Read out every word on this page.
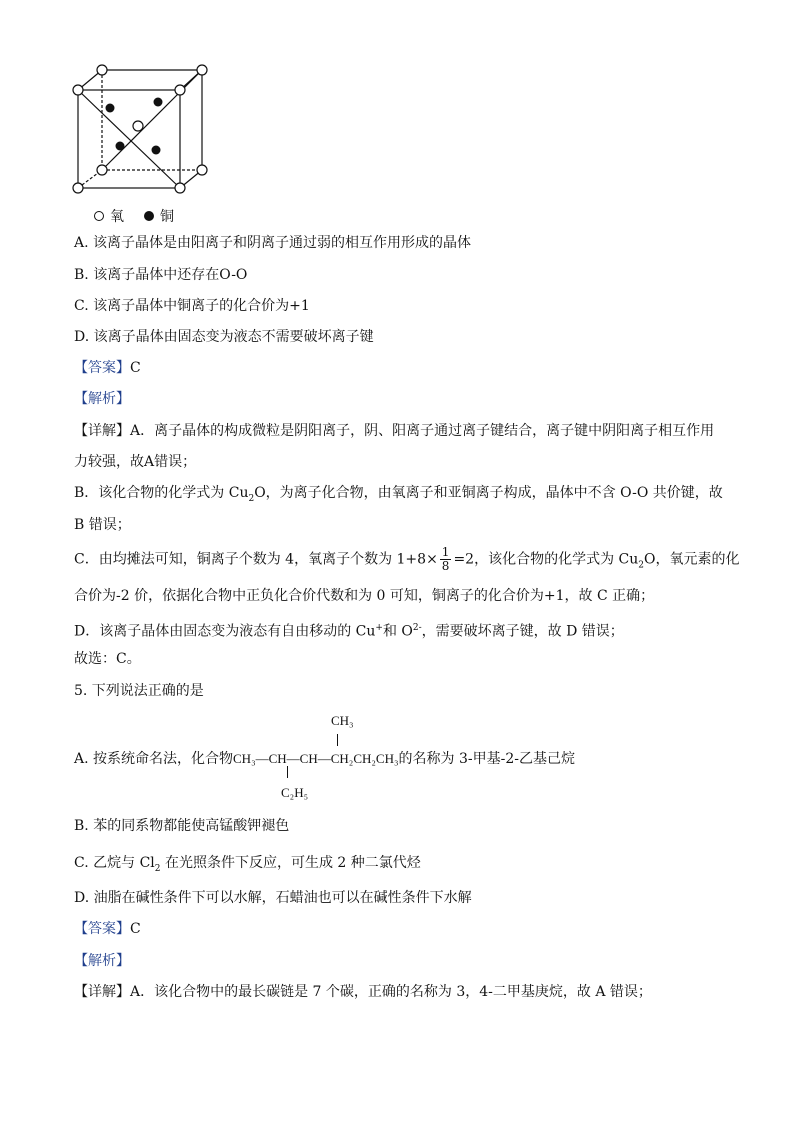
氧	铜
A. 该离子晶体是由阳离子和阴离子通过弱的相互作用形成的晶体
B. 该离子晶体中还存在O-O
C. 该离子晶体中铜离子的化合价为+1
D. 该离子晶体由固态变为液态不需要破坏离子键
【答案】C
【解析】
【详解】A．离子晶体的构成微粒是阴阳离子，阴、阳离子通过离子键结合，离子键中阴阳离子相互作用
力较强，故A错误；
B．该化合物的化学式为 $Cu_2O$，为离子化合物，由氧离子和亚铜离子构成，晶体中不含 O-O 共价键，故
B 错误；
C．由均摊法可知，铜离子个数为 4，氧离子个数为 $1+8\times \frac{1}{8} =2$，该化合物的化学式为 $Cu_2O$，氧元素的化
合价为-2 价，依据化合物中正负化合价代数和为 0 可知，铜离子的化合价为+1，故 C 正确；
D．该离子晶体由固态变为液态有自由移动的 Cu+和 $O^{2-}$，需要破坏离子键，故 D 错误；
故选：C。
5. 下列说法正确的是
CH₃
A. 按系统命名法，化合物CH₃—CH—CH—CH₂CH₂CH₃的名称为 3-甲基-2-乙基己烷
C₂H₅
B. 苯的同系物都能使高锰酸钾褪色
C. 乙烷与 $Cl_2$ 在光照条件下反应，可生成 2 种二氯代烃
D. 油脂在碱性条件下可以水解，石蜡油也可以在碱性条件下水解
【答案】C
【解析】
【详解】A．该化合物中的最长碳链是 7 个碳，正确的名称为 3，4-二甲基庚烷，故 A 错误；
